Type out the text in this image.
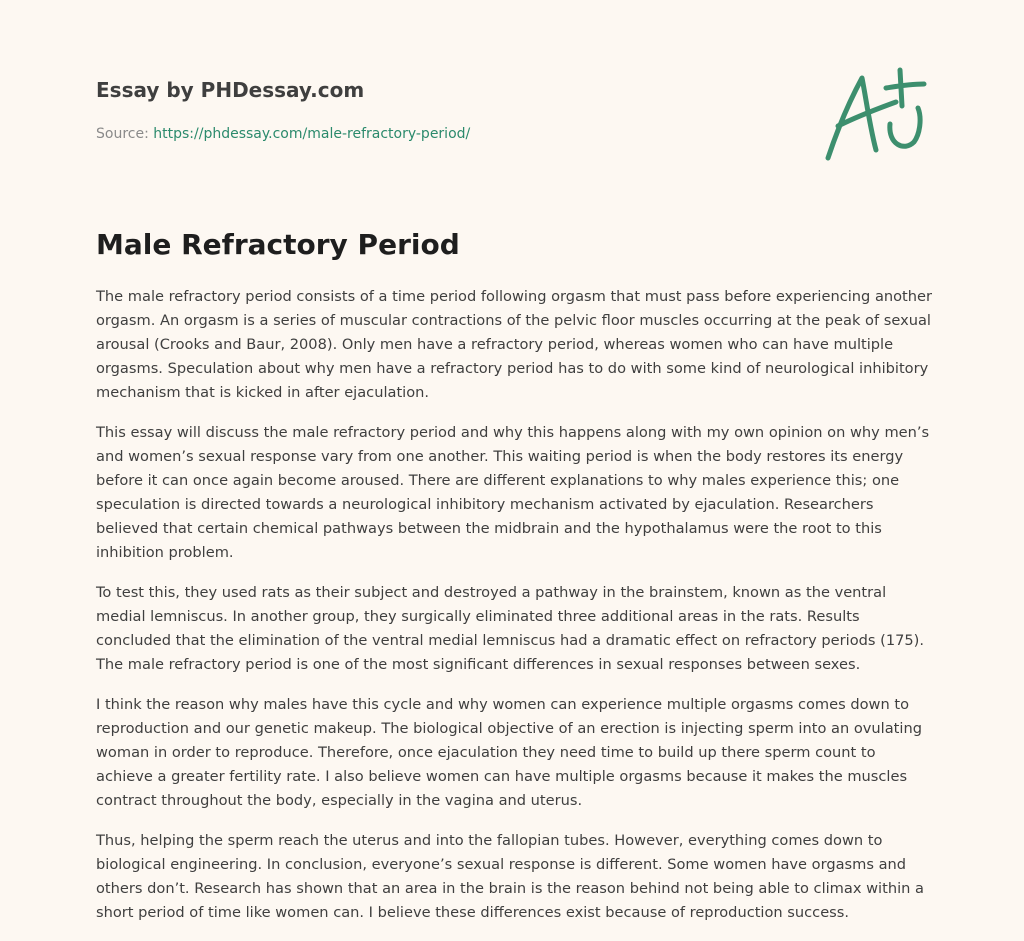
Essay by PHDessay.com
Source: https://phdessay.com/male-refractory-period/
Male Refractory Period

The male refractory period consists of a time period following orgasm that must pass before experiencing another orgasm. An orgasm is a series of muscular contractions of the pelvic floor muscles occurring at the peak of sexual arousal (Crooks and Baur, 2008). Only men have a refractory period, whereas women who can have multiple orgasms. Speculation about why men have a refractory period has to do with some kind of neurological inhibitory mechanism that is kicked in after ejaculation.

This essay will discuss the male refractory period and why this happens along with my own opinion on why men’s and women’s sexual response vary from one another. This waiting period is when the body restores its energy before it can once again become aroused. There are different explanations to why males experience this; one speculation is directed towards a neurological inhibitory mechanism activated by ejaculation. Researchers believed that certain chemical pathways between the midbrain and the hypothalamus were the root to this inhibition problem.

To test this, they used rats as their subject and destroyed a pathway in the brainstem, known as the ventral medial lemniscus. In another group, they surgically eliminated three additional areas in the rats. Results concluded that the elimination of the ventral medial lemniscus had a dramatic effect on refractory periods (175). The male refractory period is one of the most significant differences in sexual responses between sexes.

I think the reason why males have this cycle and why women can experience multiple orgasms comes down to reproduction and our genetic makeup. The biological objective of an erection is injecting sperm into an ovulating woman in order to reproduce. Therefore, once ejaculation they need time to build up there sperm count to achieve a greater fertility rate. I also believe women can have multiple orgasms because it makes the muscles contract throughout the body, especially in the vagina and uterus.

Thus, helping the sperm reach the uterus and into the fallopian tubes. However, everything comes down to biological engineering. In conclusion, everyone’s sexual response is different. Some women have orgasms and others don’t. Research has shown that an area in the brain is the reason behind not being able to climax within a short period of time like women can. I believe these differences exist because of reproduction success.
